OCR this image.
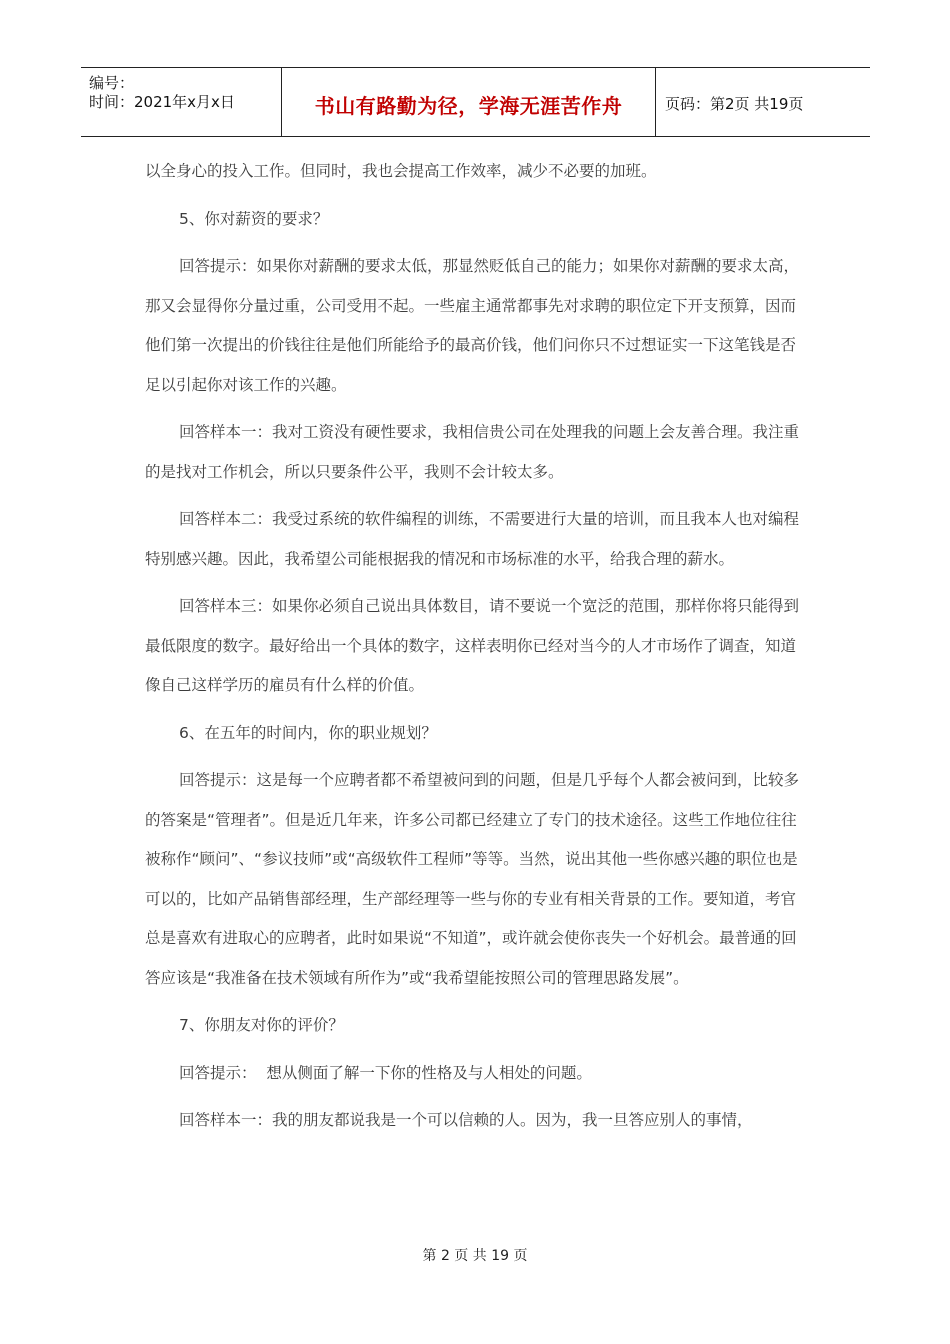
编号：
时间：2021年x月x日	书山有路勤为径，学海无涯苦作舟	页码：第2页 共19页

以全身心的投入工作。但同时，我也会提高工作效率，减少不必要的加班。

5、你对薪资的要求？

回答提示：如果你对薪酬的要求太低，那显然贬低自己的能力；如果你对薪酬的要求太高，那又会显得你分量过重，公司受用不起。一些雇主通常都事先对求聘的职位定下开支预算，因而他们第一次提出的价钱往往是他们所能给予的最高价钱，他们问你只不过想证实一下这笔钱是否足以引起你对该工作的兴趣。

回答样本一：我对工资没有硬性要求，我相信贵公司在处理我的问题上会友善合理。我注重的是找对工作机会，所以只要条件公平，我则不会计较太多。

回答样本二：我受过系统的软件编程的训练，不需要进行大量的培训，而且我本人也对编程特别感兴趣。因此，我希望公司能根据我的情况和市场标准的水平，给我合理的薪水。

回答样本三：如果你必须自己说出具体数目，请不要说一个宽泛的范围，那样你将只能得到最低限度的数字。最好给出一个具体的数字，这样表明你已经对当今的人才市场作了调查，知道像自己这样学历的雇员有什么样的价值。

6、在五年的时间内，你的职业规划？

回答提示：这是每一个应聘者都不希望被问到的问题，但是几乎每个人都会被问到，比较多的答案是“管理者”。但是近几年来，许多公司都已经建立了专门的技术途径。这些工作地位往往被称作“顾问”、“参议技师”或“高级软件工程师”等等。当然，说出其他一些你感兴趣的职位也是可以的，比如产品销售部经理，生产部经理等一些与你的专业有相关背景的工作。要知道，考官总是喜欢有进取心的应聘者，此时如果说“不知道”，或许就会使你丧失一个好机会。最普通的回答应该是“我准备在技术领域有所作为”或“我希望能按照公司的管理思路发展”。

7、你朋友对你的评价？

回答提示：  想从侧面了解一下你的性格及与人相处的问题。

回答样本一：我的朋友都说我是一个可以信赖的人。因为，我一旦答应别人的事情，

第 2 页 共 19 页
